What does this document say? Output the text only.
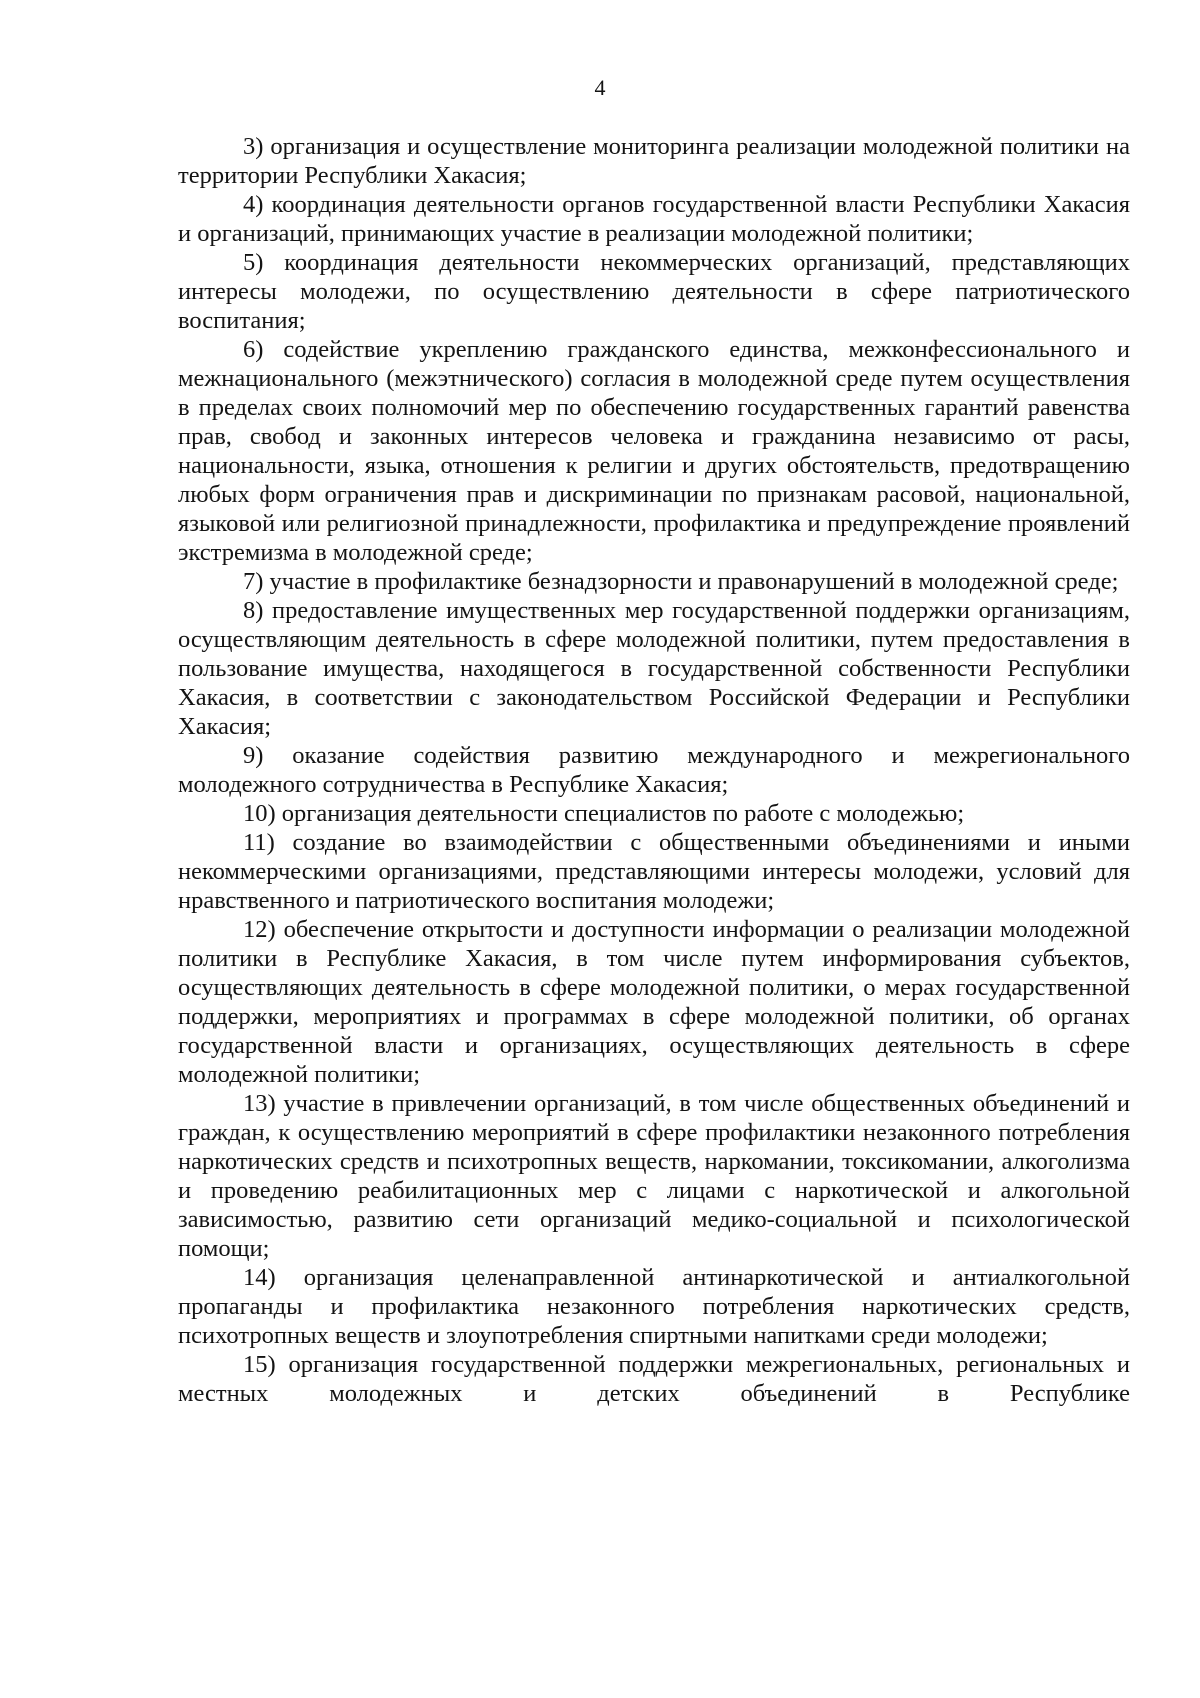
4

3) организация и осуществление мониторинга реализации молодежной политики на территории Республики Хакасия;

4) координация деятельности органов государственной власти Республики Хакасия и организаций, принимающих участие в реализации молодежной политики;

5) координация деятельности некоммерческих организаций, представляющих интересы молодежи, по осуществлению деятельности в сфере патриотического воспитания;

6) содействие укреплению гражданского единства, межконфессионального и межнационального (межэтнического) согласия в молодежной среде путем осуществления в пределах своих полномочий мер по обеспечению государственных гарантий равенства прав, свобод и законных интересов человека и гражданина независимо от расы, национальности, языка, отношения к религии и других обстоятельств, предотвращению любых форм ограничения прав и дискриминации по признакам расовой, национальной, языковой или религиозной принадлежности, профилактика и предупреждение проявлений экстремизма в молодежной среде;

7) участие в профилактике безнадзорности и правонарушений в молодежной среде;

8) предоставление имущественных мер государственной поддержки организациям, осуществляющим деятельность в сфере молодежной политики, путем предоставления в пользование имущества, находящегося в государственной собственности Республики Хакасия, в соответствии с законодательством Российской Федерации и Республики Хакасия;

9) оказание содействия развитию международного и межрегионального молодежного сотрудничества в Республике Хакасия;

10) организация деятельности специалистов по работе с молодежью;

11) создание во взаимодействии с общественными объединениями и иными некоммерческими организациями, представляющими интересы молодежи, условий для нравственного и патриотического воспитания молодежи;

12) обеспечение открытости и доступности информации о реализации молодежной политики в Республике Хакасия, в том числе путем информирования субъектов, осуществляющих деятельность в сфере молодежной политики, о мерах государственной поддержки, мероприятиях и программах в сфере молодежной политики, об органах государственной власти и организациях, осуществляющих деятельность в сфере молодежной политики;

13) участие в привлечении организаций, в том числе общественных объединений и граждан, к осуществлению мероприятий в сфере профилактики незаконного потребления наркотических средств и психотропных веществ, наркомании, токсикомании, алкоголизма и проведению реабилитационных мер с лицами с наркотической и алкогольной зависимостью, развитию сети организаций медико-социальной и психологической помощи;

14) организация целенаправленной антинаркотической и антиалкогольной пропаганды и профилактика незаконного потребления наркотических средств, психотропных веществ и злоупотребления спиртными напитками среди молодежи;

15) организация государственной поддержки межрегиональных, региональных и местных молодежных и детских объединений в Республике
